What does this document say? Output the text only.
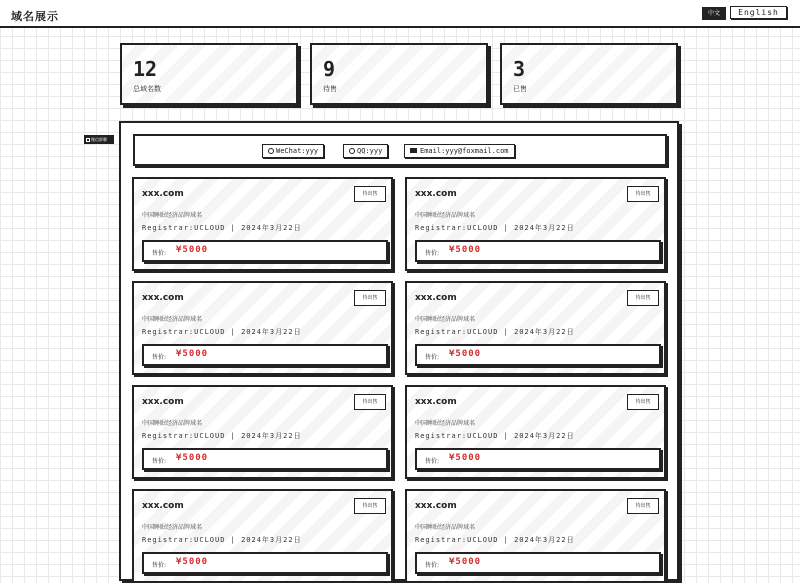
域名展示	中文	English
12
总域名数
9
待售
3
已售
微信群聊
WeChat:yyy	QQ:yyy	Email:yyy@foxmail.com
xxx.com	待出售
中国睡眠经济品牌域名
Registrar:UCLOUD | 2024年3月22日
售价: ¥5000
xxx.com	待出售
中国睡眠经济品牌域名
Registrar:UCLOUD | 2024年3月22日
售价: ¥5000
xxx.com	待出售
中国睡眠经济品牌域名
Registrar:UCLOUD | 2024年3月22日
售价: ¥5000
xxx.com	待出售
中国睡眠经济品牌域名
Registrar:UCLOUD | 2024年3月22日
售价: ¥5000
xxx.com	待出售
中国睡眠经济品牌域名
Registrar:UCLOUD | 2024年3月22日
售价: ¥5000
xxx.com	待出售
中国睡眠经济品牌域名
Registrar:UCLOUD | 2024年3月22日
售价: ¥5000
xxx.com	待出售
中国睡眠经济品牌域名
Registrar:UCLOUD | 2024年3月22日
售价: ¥5000
xxx.com	待出售
中国睡眠经济品牌域名
Registrar:UCLOUD | 2024年3月22日
售价: ¥5000
